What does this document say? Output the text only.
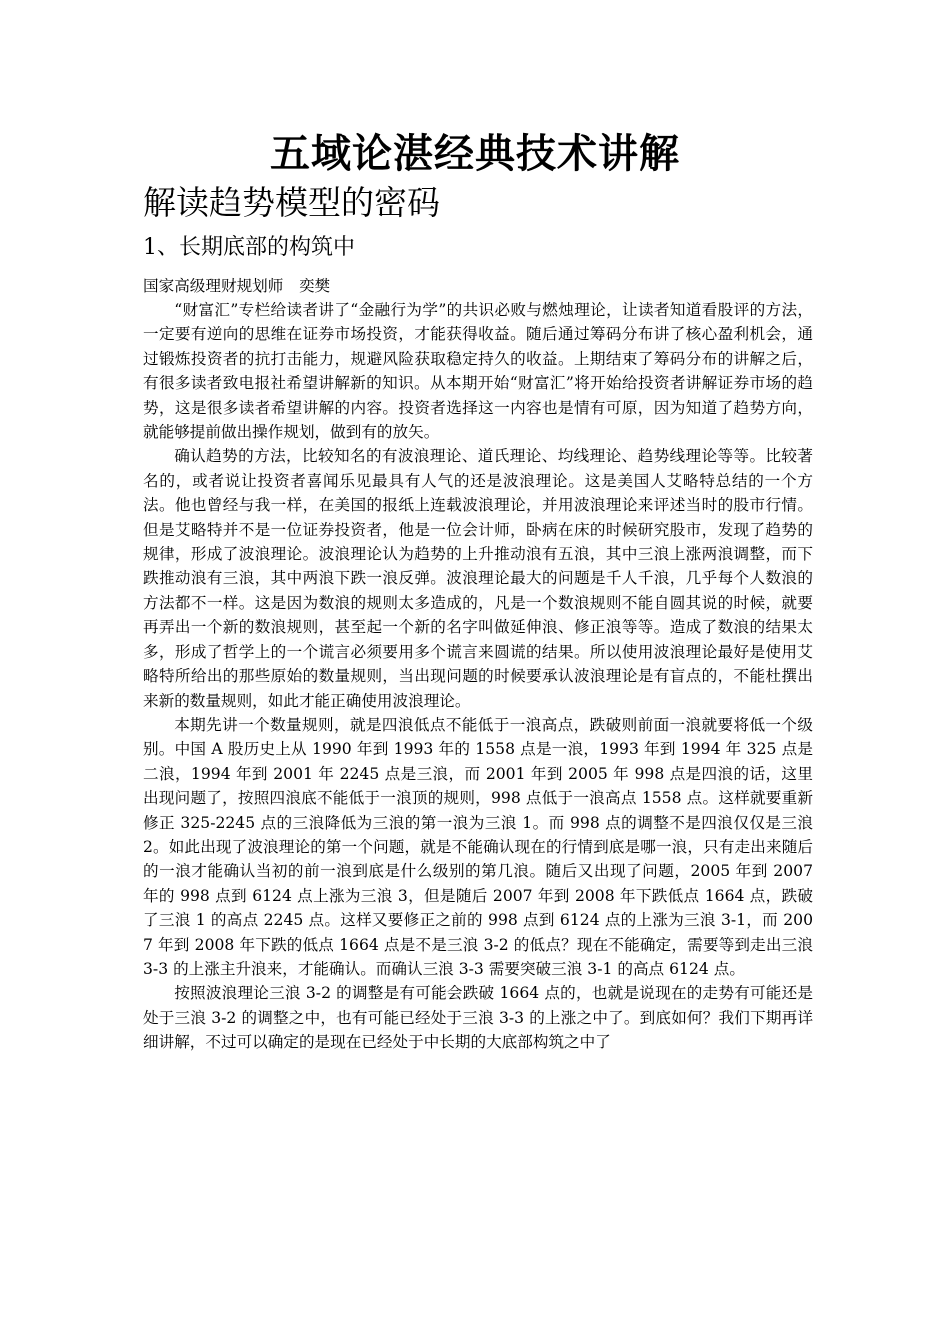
五域论湛经典技术讲解
解读趋势模型的密码
1、长期底部的构筑中
国家高级理财规划师　奕樊

“财富汇”专栏给读者讲了“金融行为学”的共识必败与燃烛理论，让读者知道看股评的方法，一定要有逆向的思维在证券市场投资，才能获得收益。随后通过筹码分布讲了核心盈利机会，通过锻炼投资者的抗打击能力，规避风险获取稳定持久的收益。上期结束了筹码分布的讲解之后，有很多读者致电报社希望讲解新的知识。从本期开始“财富汇”将开始给投资者讲解证券市场的趋势，这是很多读者希望讲解的内容。投资者选择这一内容也是情有可原，因为知道了趋势方向，就能够提前做出操作规划，做到有的放矢。

确认趋势的方法，比较知名的有波浪理论、道氏理论、均线理论、趋势线理论等等。比较著名的，或者说让投资者喜闻乐见最具有人气的还是波浪理论。这是美国人艾略特总结的一个方法。他也曾经与我一样，在美国的报纸上连载波浪理论，并用波浪理论来评述当时的股市行情。但是艾略特并不是一位证券投资者，他是一位会计师，卧病在床的时候研究股市，发现了趋势的规律，形成了波浪理论。波浪理论认为趋势的上升推动浪有五浪，其中三浪上涨两浪调整，而下跌推动浪有三浪，其中两浪下跌一浪反弹。波浪理论最大的问题是千人千浪，几乎每个人数浪的方法都不一样。这是因为数浪的规则太多造成的，凡是一个数浪规则不能自圆其说的时候，就要再弄出一个新的数浪规则，甚至起一个新的名字叫做延伸浪、修正浪等等。造成了数浪的结果太多，形成了哲学上的一个谎言必须要用多个谎言来圆谎的结果。所以使用波浪理论最好是使用艾略特所给出的那些原始的数量规则，当出现问题的时候要承认波浪理论是有盲点的，不能杜撰出来新的数量规则，如此才能正确使用波浪理论。

本期先讲一个数量规则，就是四浪低点不能低于一浪高点，跌破则前面一浪就要将低一个级别。中国 A 股历史上从 1990 年到 1993 年的 1558 点是一浪，1993 年到 1994 年 325 点是二浪，1994 年到 2001 年 2245 点是三浪，而 2001 年到 2005 年 998 点是四浪的话，这里出现问题了，按照四浪底不能低于一浪顶的规则，998 点低于一浪高点 1558 点。这样就要重新修正 325-2245 点的三浪降低为三浪的第一浪为三浪 1。而 998 点的调整不是四浪仅仅是三浪 2。如此出现了波浪理论的第一个问题，就是不能确认现在的行情到底是哪一浪，只有走出来随后的一浪才能确认当初的前一浪到底是什么级别的第几浪。随后又出现了问题，2005 年到 2007 年的 998 点到 6124 点上涨为三浪 3，但是随后 2007 年到 2008 年下跌低点 1664 点，跌破了三浪 1 的高点 2245 点。这样又要修正之前的 998 点到 6124 点的上涨为三浪 3-1，而 2007 年到 2008 年下跌的低点 1664 点是不是三浪 3-2 的低点？现在不能确定，需要等到走出三浪 3-3 的上涨主升浪来，才能确认。而确认三浪 3-3 需要突破三浪 3-1 的高点 6124 点。

按照波浪理论三浪 3-2 的调整是有可能会跌破 1664 点的，也就是说现在的走势有可能还是处于三浪 3-2 的调整之中，也有可能已经处于三浪 3-3 的上涨之中了。到底如何？我们下期再详细讲解，不过可以确定的是现在已经处于中长期的大底部构筑之中了
